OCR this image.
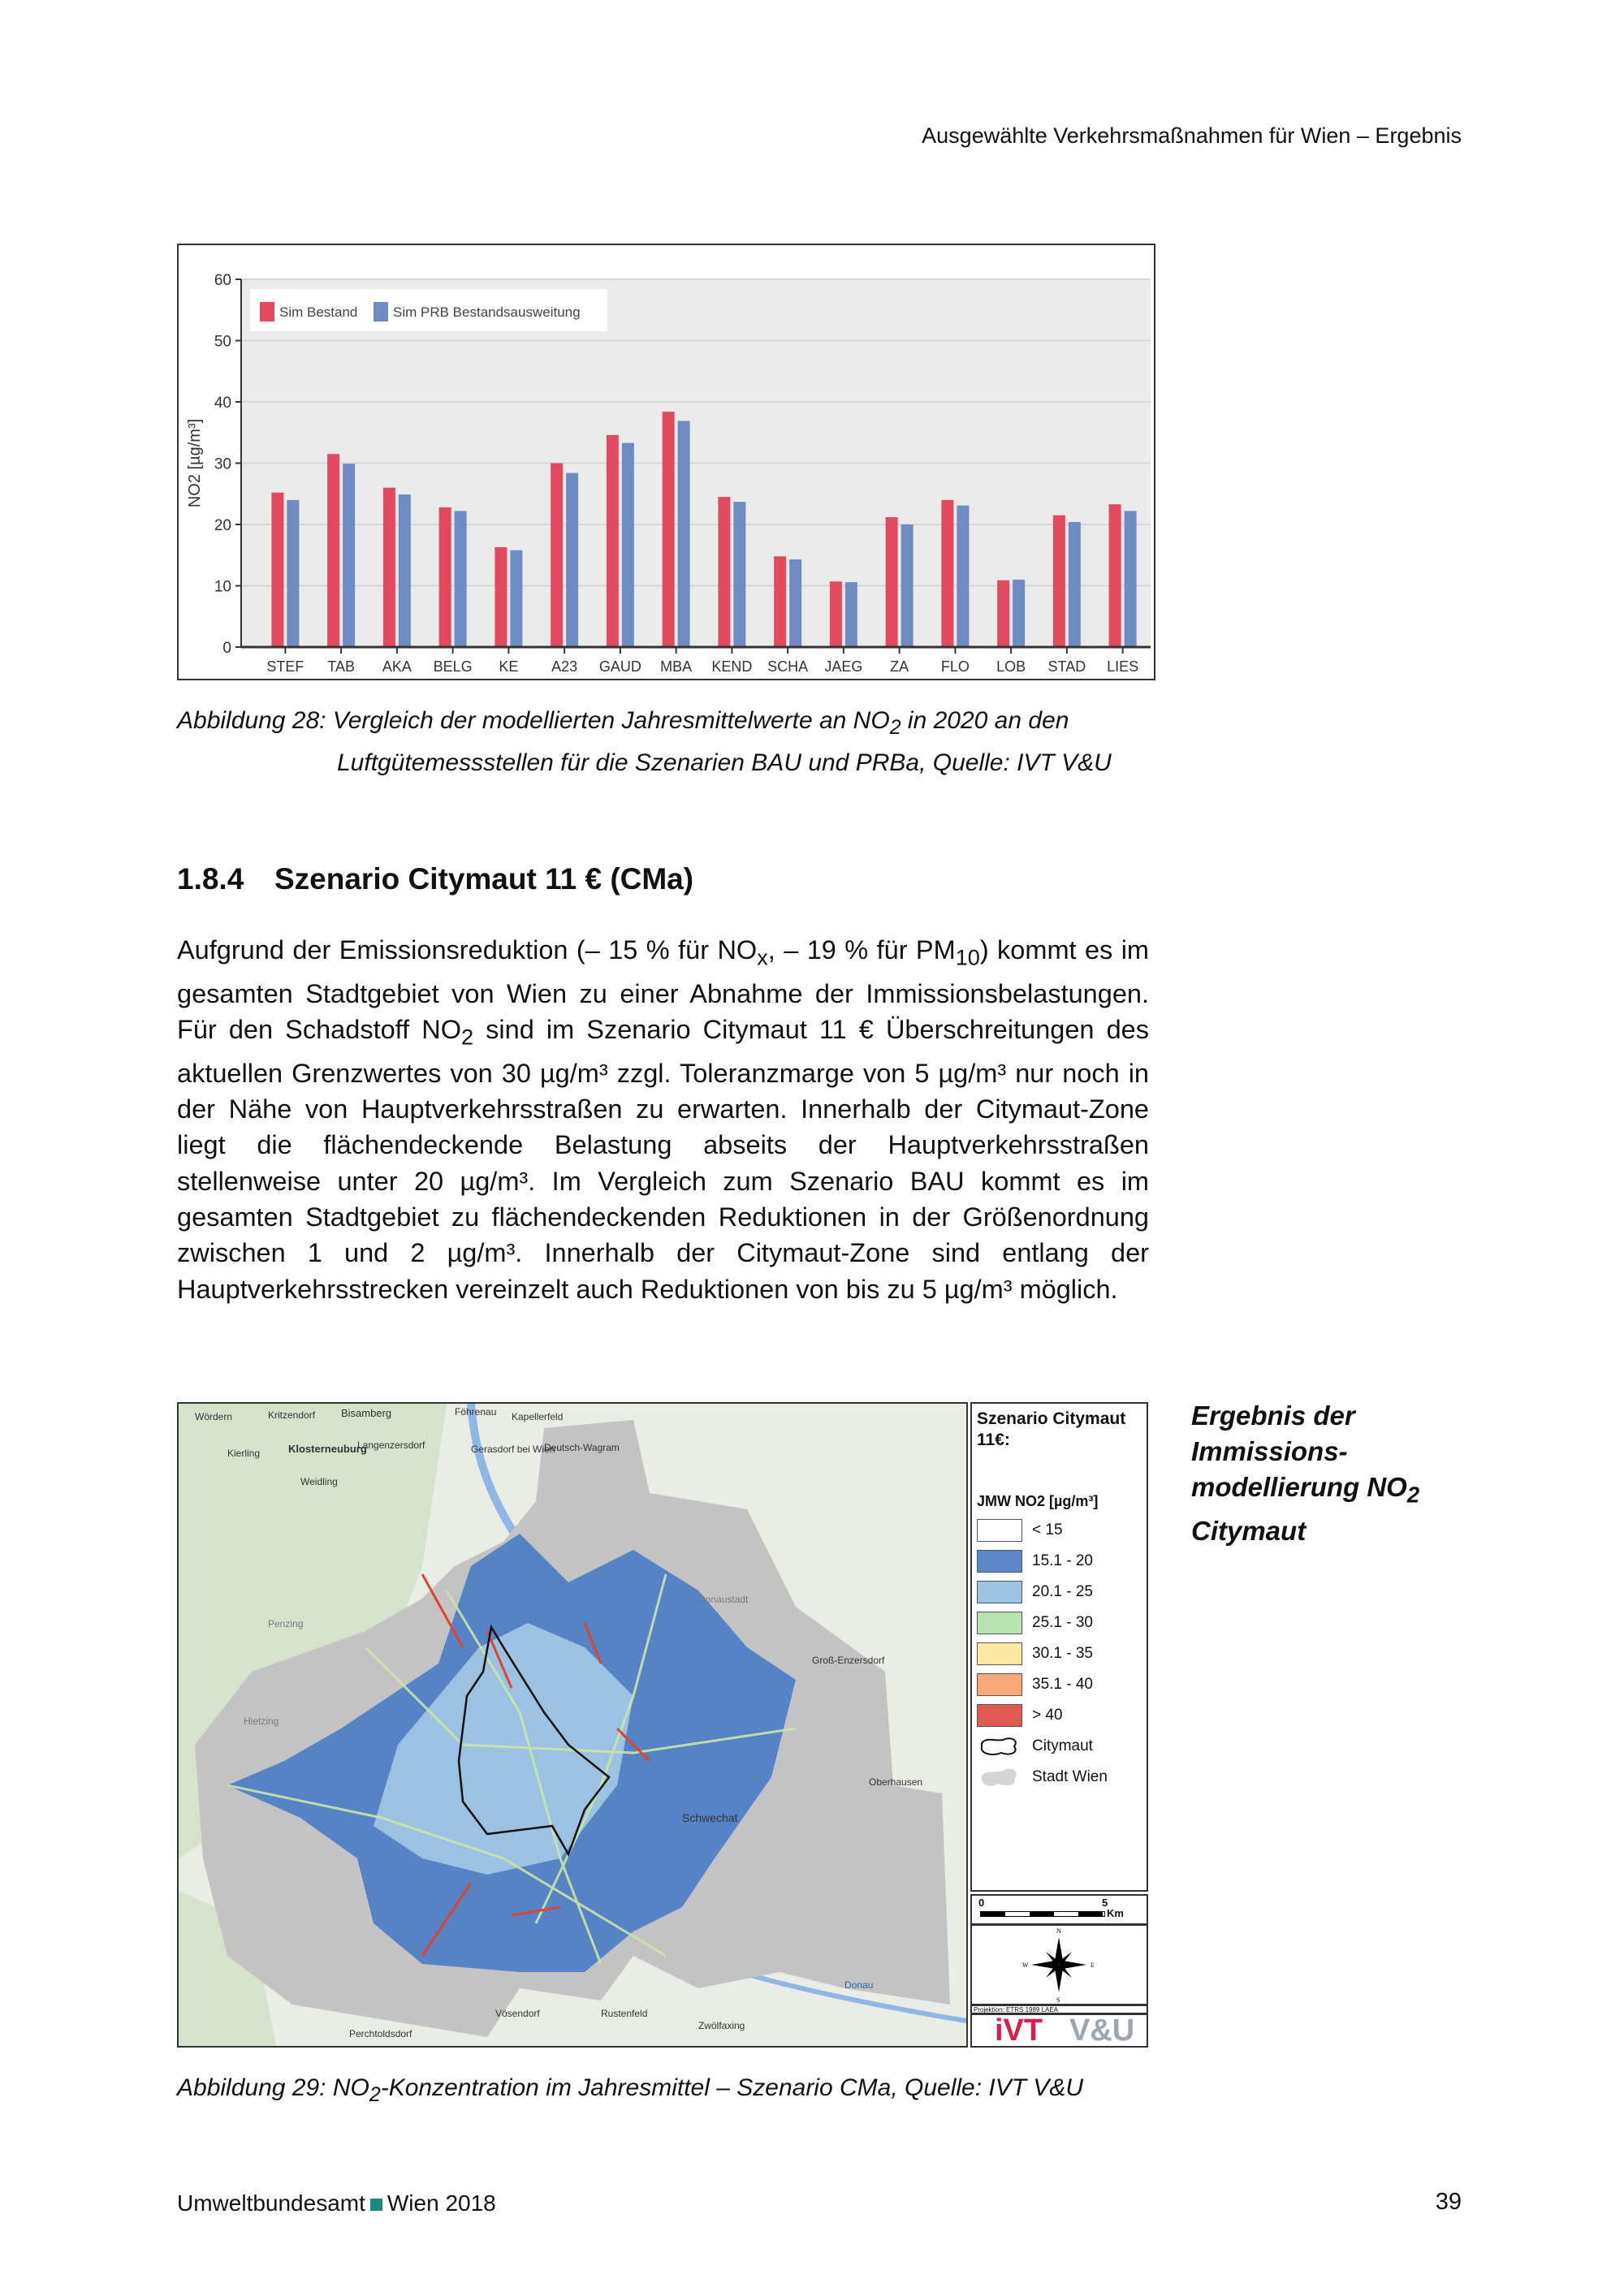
Ausgewählte Verkehrsmaßnahmen für Wien – Ergebnis
0
10
20
30
40
50
60
NO2 [µg/m³]
STEF TAB AKA BELG KE A23 GAUD MBA KEND SCHA JAEG ZA FLO LOB STAD LIES
Sim Bestand	Sim PRB Bestandsausweitung
Abbildung 28: Vergleich der modellierten Jahresmittelwerte an $NO_2$ in 2020 an den
Luftgütemessstellen für die Szenarien BAU und PRBa, Quelle: IVT V&U
1.8.4 Szenario Citymaut 11 € (CMa)
Aufgrund der Emissionsreduktion (– 15 % für $NO_x$, – 19 % für $PM_{10}$) kommt es im gesamten Stadtgebiet von Wien zu einer Abnahme der Immissionsbelastungen. Für den Schadstoff $NO_2$ sind im Szenario Citymaut 11 € Überschreitungen des aktuellen Grenzwertes von 30 µg/m³ zzgl. Toleranzmarge von 5 µg/m³ nur noch in der Nähe von Hauptverkehrsstraßen zu erwarten. Innerhalb der Citymaut-Zone liegt die flächendeckende Belastung abseits der Hauptverkehrsstraßen stellenweise unter 20 µg/m³. Im Vergleich zum Szenario BAU kommt es im gesamten Stadtgebiet zu flächendeckenden Reduktionen in der Größenordnung zwischen 1 und 2 µg/m³. Innerhalb der Citymaut-Zone sind entlang der Hauptverkehrsstrecken vereinzelt auch Reduktionen von bis zu 5 µg/m³ möglich.
Wördern	Kritzendorf Bisamberg	Föhrenau Kapellerfeld
Klosterneuburg
Langenzersdorf	Gerasdorf bei Wien
Deutsch-Wagram
Kierling
Weidling
Donaustadt
Penzing
Hietzing
Schwechat
Vösendorf
Perchtoldsdorf
Groß-Enzersdorf
Oberhausen
Rustenfeld
Zwölfaxing
Donau
Szenario Citymaut 11€:
JMW NO2 [µg/m³]
< 15
15.1 - 20
20.1 - 25
25.1 - 30
30.1 - 35
35.1 - 40
> 40
Citymaut
Stadt Wien
0	5
Km
N
S
E
W
Projektion: ETRS 1989 LAEA
iVT V&U
Ergebnis der
Immissions-
modellierung $NO_2$
Citymaut
Abbildung 29: $NO_2$-Konzentration im Jahresmittel – Szenario CMa, Quelle: IVT V&U
Umweltbundesamt Wien 2018	39
